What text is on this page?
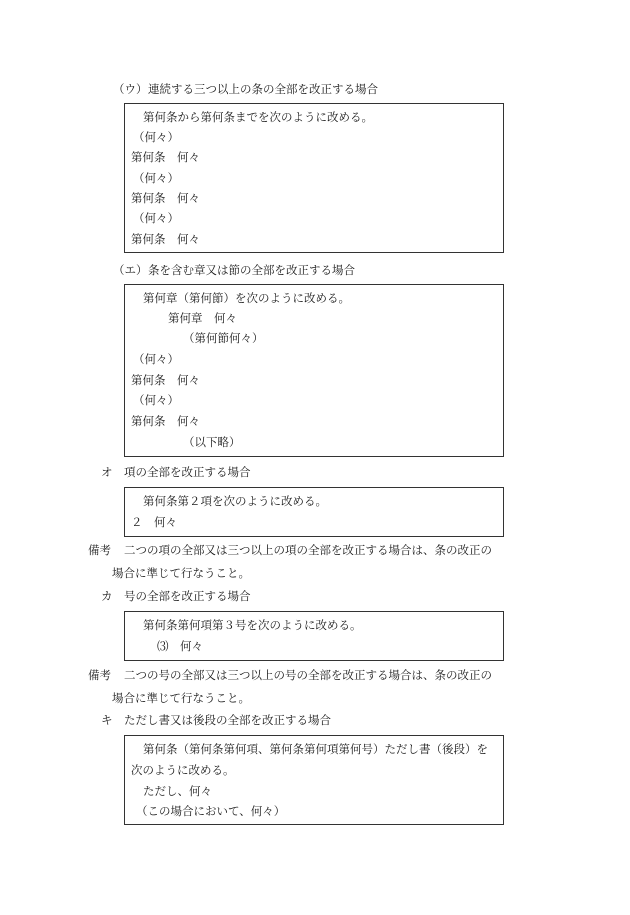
（ウ） 連続する三つ以上の条の全部を改正する場合
第何条から第何条までを次のように改める。
（何々）
第何条　何々
（何々）
第何条　何々
（何々）
第何条　何々
（エ） 条を含む章又は節の全部を改正する場合
第何章（第何節）を次のように改める。
第何章　何々
（第何節何々）
（何々）
第何条　何々
（何々）
第何条　何々
（以下略）
オ 項の全部を改正する場合
第何条第２項を次のように改める。
２　何々
備考 二つの項の全部又は三つ以上の項の全部を改正する場合は、条の改正の
場合に準じて行なうこと。
カ 号の全部を改正する場合
第何条第何項第３号を次のように改める。
⑶　何々
備考 二つの号の全部又は三つ以上の号の全部を改正する場合は、条の改正の
場合に準じて行なうこと。
キ ただし書又は後段の全部を改正する場合
第何条（第何条第何項、第何条第何項第何号）ただし書（後段）を
次のように改める。
ただし、何々
（この場合において、何々）
